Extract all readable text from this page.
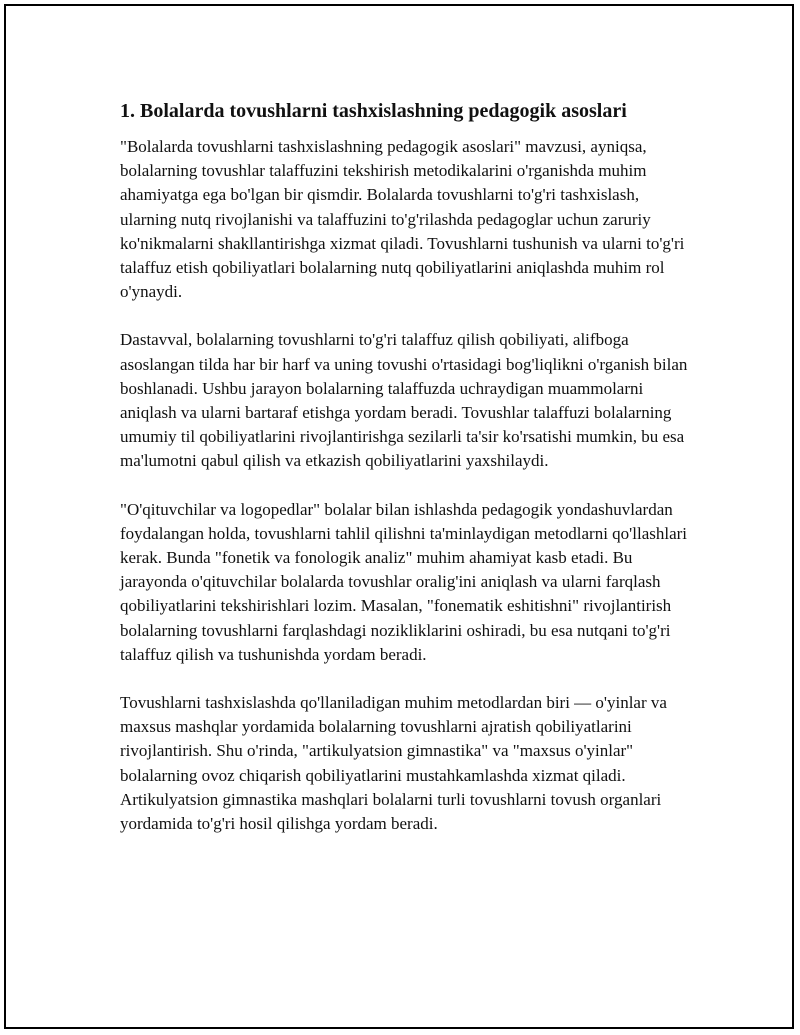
1. Bolalarda tovushlarni tashxislashning pedagogik asoslari

"Bolalarda tovushlarni tashxislashning pedagogik asoslari" mavzusi, ayniqsa, bolalarning tovushlar talaffuzini tekshirish metodikalarini o'rganishda muhim ahamiyatga ega bo'lgan bir qismdir. Bolalarda tovushlarni to'g'ri tashxislash, ularning nutq rivojlanishi va talaffuzini to'g'rilashda pedagoglar uchun zaruriy ko'nikmalarni shakllantirishga xizmat qiladi. Tovushlarni tushunish va ularni to'g'ri talaffuz etish qobiliyatlari bolalarning nutq qobiliyatlarini aniqlashda muhim rol o'ynaydi.

Dastavval, bolalarning tovushlarni to'g'ri talaffuz qilish qobiliyati, alifboga asoslangan tilda har bir harf va uning tovushi o'rtasidagi bog'liqlikni o'rganish bilan boshlanadi. Ushbu jarayon bolalarning talaffuzda uchraydigan muammolarni aniqlash va ularni bartaraf etishga yordam beradi. Tovushlar talaffuzi bolalarning umumiy til qobiliyatlarini rivojlantirishga sezilarli ta'sir ko'rsatishi mumkin, bu esa ma'lumotni qabul qilish va etkazish qobiliyatlarini yaxshilaydi.

"O'qituvchilar va logopedlar" bolalar bilan ishlashda pedagogik yondashuvlardan foydalangan holda, tovushlarni tahlil qilishni ta'minlaydigan metodlarni qo'llashlari kerak. Bunda "fonetik va fonologik analiz" muhim ahamiyat kasb etadi. Bu jarayonda o'qituvchilar bolalarda tovushlar oralig'ini aniqlash va ularni farqlash qobiliyatlarini tekshirishlari lozim. Masalan, "fonematik eshitishni" rivojlantirish bolalarning tovushlarni farqlashdagi nozikliklarini oshiradi, bu esa nutqani to'g'ri talaffuz qilish va tushunishda yordam beradi.

Tovushlarni tashxislashda qo'llaniladigan muhim metodlardan biri — o'yinlar va maxsus mashqlar yordamida bolalarning tovushlarni ajratish qobiliyatlarini rivojlantirish. Shu o'rinda, "artikulyatsion gimnastika" va "maxsus o'yinlar" bolalarning ovoz chiqarish qobiliyatlarini mustahkamlashda xizmat qiladi. Artikulyatsion gimnastika mashqlari bolalarni turli tovushlarni tovush organlari yordamida to'g'ri hosil qilishga yordam beradi.
